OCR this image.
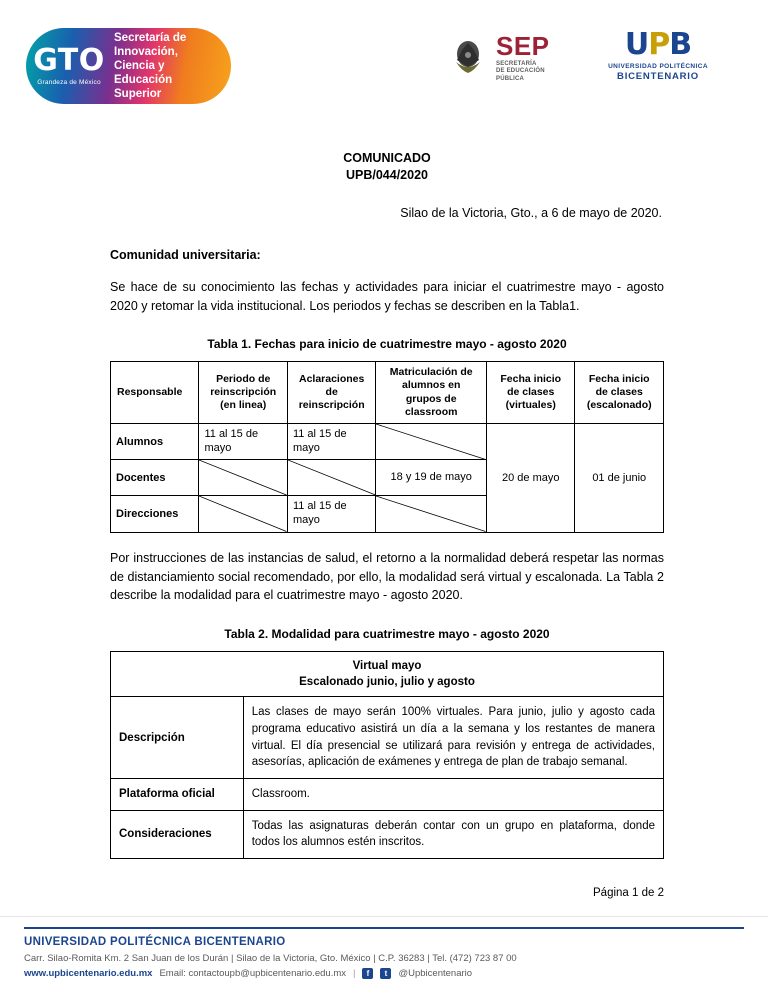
GTO
Grandeza de México
Secretaría de
Innovación,
Ciencia y
Educación
Superior
SEP
SECRETARÍA
DE EDUCACIÓN
PÚBLICA
UPB
UNIVERSIDAD POLITÉCNICA
BICENTENARIO
COMUNICADO
UPB/044/2020
Silao de la Victoria, Gto., a 6 de mayo de 2020.
Comunidad universitaria:
Se hace de su conocimiento las fechas y actividades para iniciar el cuatrimestre mayo - agosto 2020 y retomar la vida institucional. Los periodos y fechas se describen en la Tabla1.
Tabla 1. Fechas para inicio de cuatrimestre mayo - agosto 2020
Responsable	Periodo de
reinscripción
(en linea)	Aclaraciones
de
reinscripción	Matriculación de
alumnos en
grupos de
classroom	Fecha inicio
de clases
(virtuales)	Fecha inicio
de clases
(escalonado)
Alumnos	11 al 15 de mayo	11 al 15 de mayo		20 de mayo	01 de junio
Docentes			18 y 19 de mayo		
Direcciones		11 al 15 de mayo	
Por instrucciones de las instancias de salud, el retorno a la normalidad deberá respetar las normas de distanciamiento social recomendado, por ello, la modalidad será virtual y escalonada. La Tabla 2 describe la modalidad para el cuatrimestre mayo - agosto 2020.
Tabla 2. Modalidad para cuatrimestre mayo - agosto 2020
Virtual mayo
Escalonado junio, julio y agosto	
Descripción	Las clases de mayo serán 100% virtuales. Para junio, julio y agosto cada programa educativo asistirá un día a la semana y los restantes de manera virtual. El día presencial se utilizará para revisión y entrega de actividades, asesorías, aplicación de exámenes y entrega de plan de trabajo semanal.
Plataforma oficial	Classroom.
Consideraciones	Todas las asignaturas deberán contar con un grupo en plataforma, donde todos los alumnos estén inscritos.
Página 1 de 2
UNIVERSIDAD POLITÉCNICA BICENTENARIO
Carr. Silao-Romita Km. 2 San Juan de los Durán | Silao de la Victoria, Gto. México | C.P. 36283 | Tel. (472) 723 87 00
www.upbicentenario.edu.mx Email: contactoupb@upbicentenario.edu.mx |	f	t	@Upbicentenario
